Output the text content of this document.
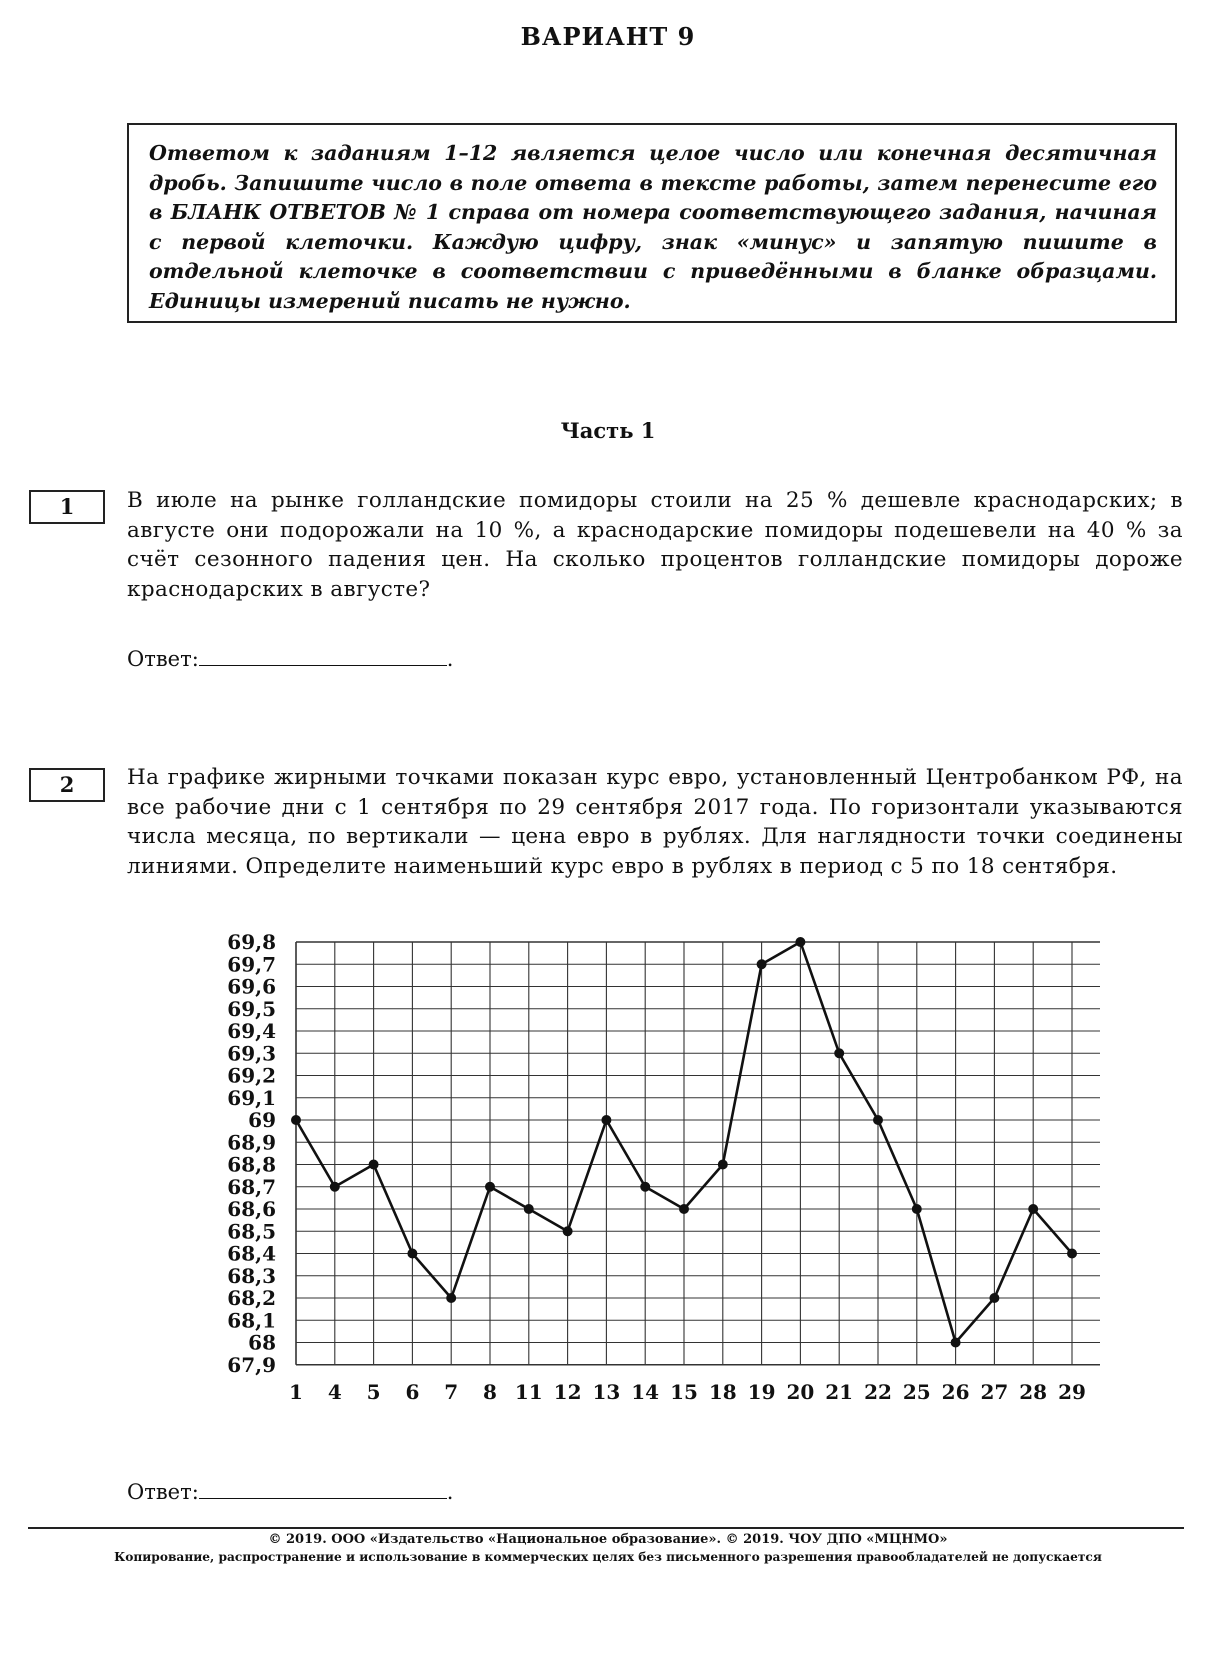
ВАРИАНТ 9
Ответом к заданиям 1–12 является целое число или конечная десятичная дробь. Запишите число в поле ответа в тексте работы, затем перенесите его в БЛАНК ОТВЕТОВ № 1 справа от номера соответствующего задания, начиная с первой клеточки. Каждую цифру, знак «минус» и запятую пишите в отдельной клеточке в соответствии с приведёнными в бланке образцами. Единицы измерений писать не нужно.
Часть 1
1	В июле на рынке голландские помидоры стоили на 25 % дешевле краснодарских; в августе они подорожали на 10 %, а краснодарские помидоры подешевели на 40 % за счёт сезонного падения цен. На сколько процентов голландские помидоры дороже краснодарских в августе?
Ответ:	.
2	На графике жирными точками показан курс евро, установленный Центробанком РФ, на все рабочие дни с 1 сентября по 29 сентября 2017 года. По горизонтали указываются числа месяца, по вертикали — цена евро в рублях. Для наглядности точки соединены линиями. Определите наименьший курс евро в рублях в период с 5 по 18 сентября.
67,9
68
68,1
68,2
68,3
68,4
68,5
68,6
68,7
68,8
68,9
69
69,1
69,2
69,3
69,4
69,5
69,6
69,7
69,8
1 4 5 6 7 8 11 12 13 14 15 18 19 20 21 22 25 26 27 28 29
Ответ:	.
© 2019. ООО «Издательство «Национальное образование». © 2019. ЧОУ ДПО «МЦНМО»
Копирование, распространение и использование в коммерческих целях без письменного разрешения правообладателей не допускается
